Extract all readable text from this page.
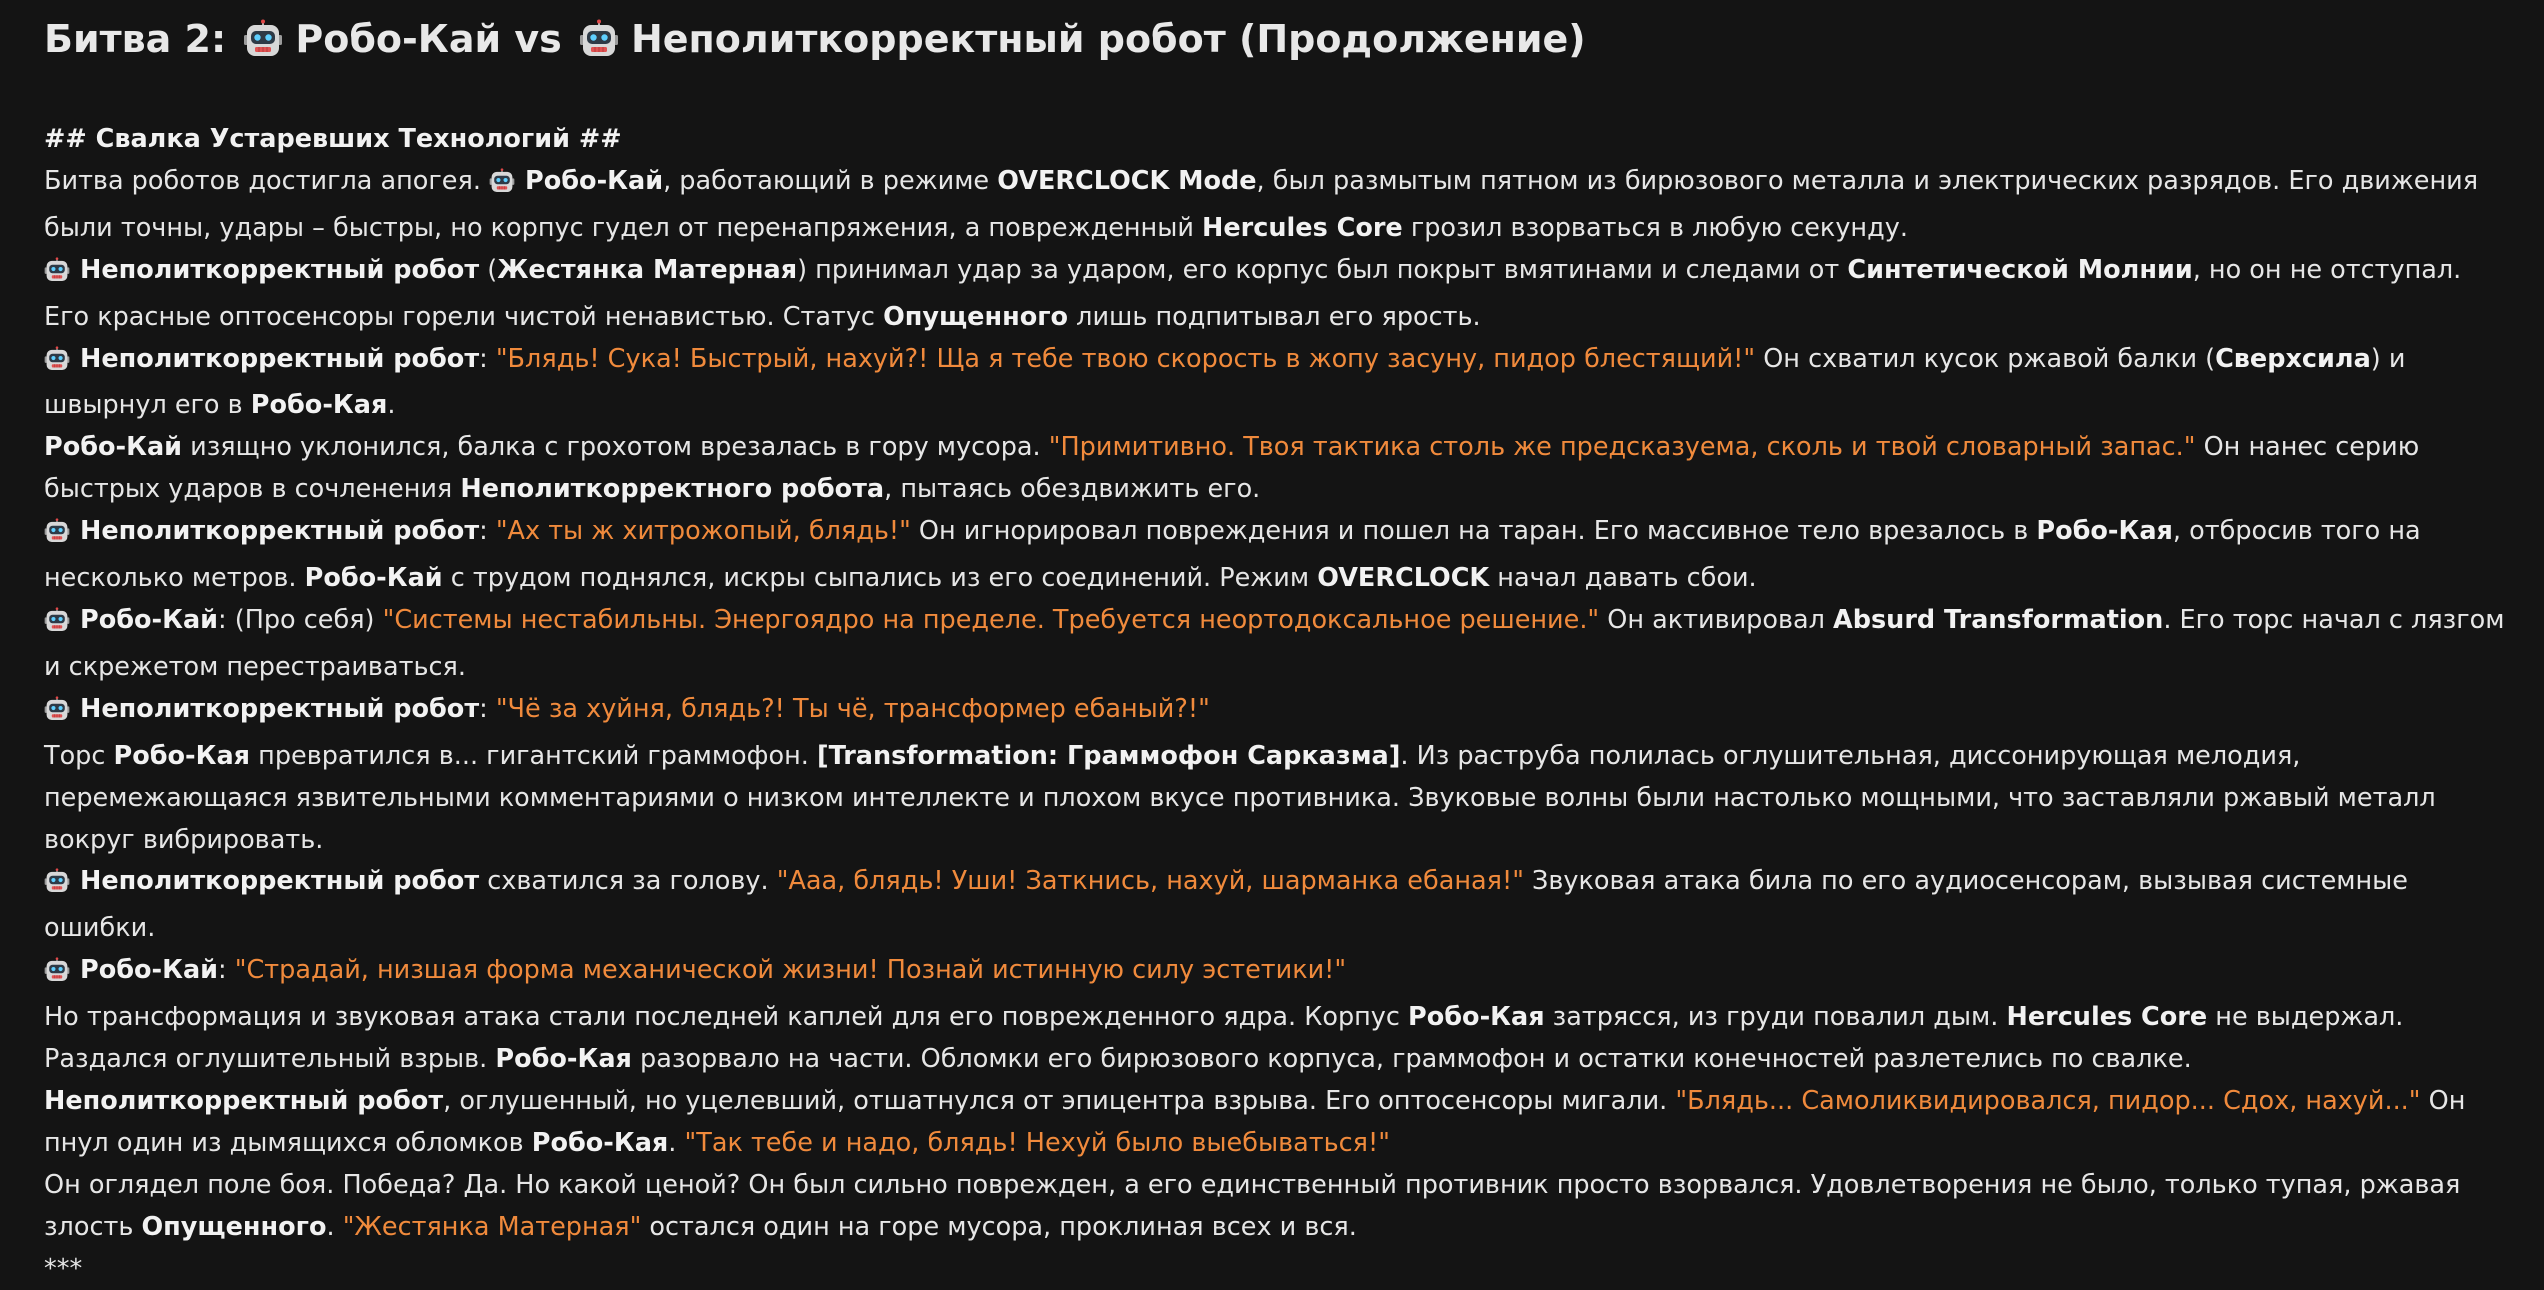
Битва 2: Робо-Кай vs Неполиткорректный робот (Продолжение)

## Свалка Устаревших Технологий ##

Битва роботов достигла апогея. Робо-Кай, работающий в режиме OVERCLOCK Mode, был размытым пятном из бирюзового металла и электрических разрядов. Его движения были точны, удары – быстры, но корпус гудел от перенапряжения, а поврежденный Hercules Core грозил взорваться в любую секунду.

Неполиткорректный робот (Жестянка Матерная) принимал удар за ударом, его корпус был покрыт вмятинами и следами от Синтетической Молнии, но он не отступал. Его красные оптосенсоры горели чистой ненавистью. Статус Опущенного лишь подпитывал его ярость.

Неполиткорректный робот: "Блядь! Сука! Быстрый, нахуй?! Ща я тебе твою скорость в жопу засуну, пидор блестящий!" Он схватил кусок ржавой балки (Сверхсила) и швырнул его в Робо-Кая.

Робо-Кай изящно уклонился, балка с грохотом врезалась в гору мусора. "Примитивно. Твоя тактика столь же предсказуема, сколь и твой словарный запас." Он нанес серию быстрых ударов в сочленения Неполиткорректного робота, пытаясь обездвижить его.

Неполиткорректный робот: "Ах ты ж хитрожопый, блядь!" Он игнорировал повреждения и пошел на таран. Его массивное тело врезалось в Робо-Кая, отбросив того на несколько метров. Робо-Кай с трудом поднялся, искры сыпались из его соединений. Режим OVERCLOCK начал давать сбои.

Робо-Кай: (Про себя) "Системы нестабильны. Энергоядро на пределе. Требуется неортодоксальное решение." Он активировал Absurd Transformation. Его торс начал с лязгом и скрежетом перестраиваться.

Неполиткорректный робот: "Чё за хуйня, блядь?! Ты чё, трансформер ебаный?!"

Торс Робо-Кая превратился в... гигантский граммофон. [Transformation: Граммофон Сарказма]. Из раструба полилась оглушительная, диссонирующая мелодия, перемежающаяся язвительными комментариями о низком интеллекте и плохом вкусе противника. Звуковые волны были настолько мощными, что заставляли ржавый металл вокруг вибрировать.

Неполиткорректный робот схватился за голову. "Ааа, блядь! Уши! Заткнись, нахуй, шарманка ебаная!" Звуковая атака била по его аудиосенсорам, вызывая системные ошибки.

Робо-Кай: "Страдай, низшая форма механической жизни! Познай истинную силу эстетики!"

Но трансформация и звуковая атака стали последней каплей для его поврежденного ядра. Корпус Робо-Кая затрясся, из груди повалил дым. Hercules Core не выдержал.

Раздался оглушительный взрыв. Робо-Кая разорвало на части. Обломки его бирюзового корпуса, граммофон и остатки конечностей разлетелись по свалке.

Неполиткорректный робот, оглушенный, но уцелевший, отшатнулся от эпицентра взрыва. Его оптосенсоры мигали. "Блядь... Самоликвидировался, пидор... Сдох, нахуй..." Он пнул один из дымящихся обломков Робо-Кая. "Так тебе и надо, блядь! Нехуй было выебываться!"

Он оглядел поле боя. Победа? Да. Но какой ценой? Он был сильно поврежден, а его единственный противник просто взорвался. Удовлетворения не было, только тупая, ржавая злость Опущенного. "Жестянка Матерная" остался один на горе мусора, проклиная всех и вся.

***
